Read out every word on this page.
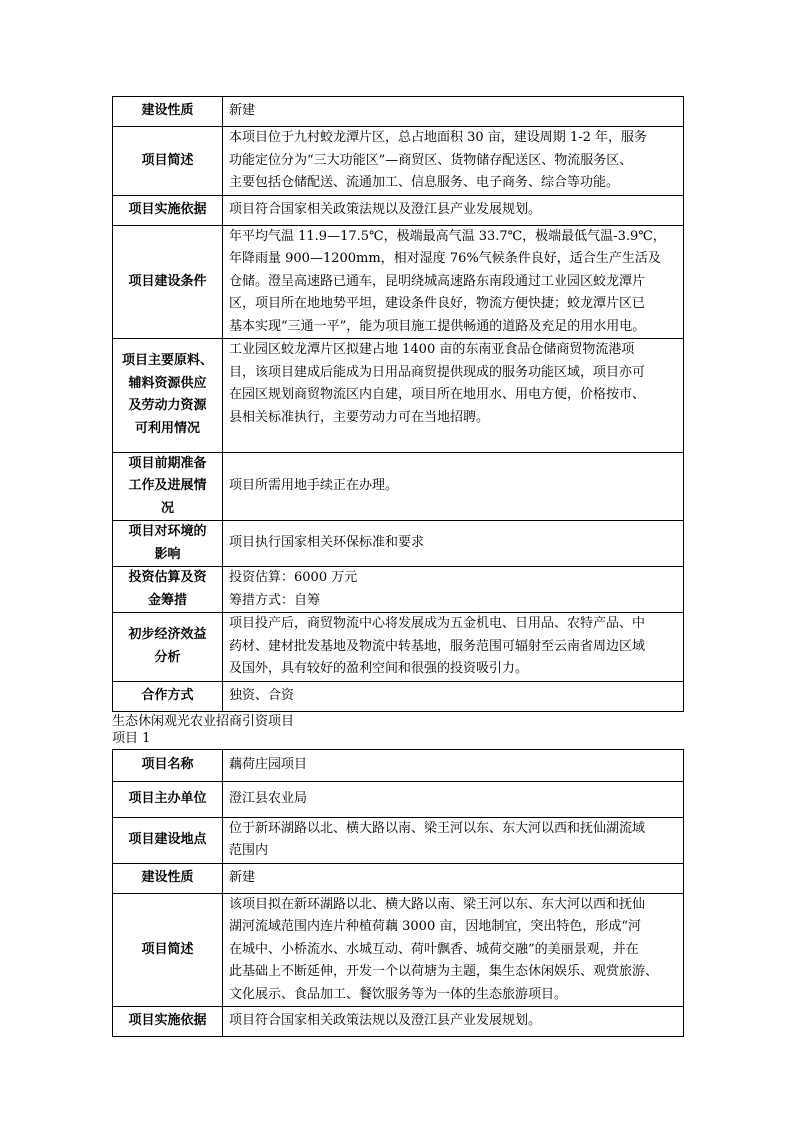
建设性质	新建

项目简述	本项目位于九村蛟龙潭片区，总占地面积 30 亩，建设周期 1-2 年，服务
功能定位分为“三大功能区”—商贸区、货物储存配送区、物流服务区、
主要包括仓储配送、流通加工、信息服务、电子商务、综合等功能。

项目实施依据	项目符合国家相关政策法规以及澄江县产业发展规划。

项目建设条件	年平均气温 11.9—17.5℃，极端最高气温 33.7℃，极端最低气温-3.9℃，
年降雨量 900—1200mm，相对湿度 76%气候条件良好，适合生产生活及
仓储。澄呈高速路已通车，昆明绕城高速路东南段通过工业园区蛟龙潭片
区，项目所在地地势平坦，建设条件良好，物流方便快捷；蛟龙潭片区已
基本实现“三通一平”，能为项目施工提供畅通的道路及充足的用水用电。

项目主要原料、
辅料资源供应
及劳动力资源
可利用情况	工业园区蛟龙潭片区拟建占地 1400 亩的东南亚食品仓储商贸物流港项
目，该项目建成后能成为日用品商贸提供现成的服务功能区域，项目亦可
在园区规划商贸物流区内自建，项目所在地用水、用电方便，价格按市、
县相关标准执行，主要劳动力可在当地招聘。

项目前期准备
工作及进展情
况	项目所需用地手续正在办理。

项目对环境的
影响	项目执行国家相关环保标准和要求

投资估算及资
金筹措	投资估算：6000 万元
筹措方式：自筹

初步经济效益
分析	项目投产后，商贸物流中心将发展成为五金机电、日用品、农特产品、中
药材、建材批发基地及物流中转基地，服务范围可辐射至云南省周边区域
及国外，具有较好的盈利空间和很强的投资吸引力。

合作方式	独资、合资
生态休闲观光农业招商引资项目
项目 1
项目名称	藕荷庄园项目

项目主办单位	澄江县农业局

项目建设地点	位于新环湖路以北、横大路以南、梁王河以东、东大河以西和抚仙湖流域
范围内

建设性质	新建

项目简述	该项目拟在新环湖路以北、横大路以南、梁王河以东、东大河以西和抚仙
湖河流域范围内连片种植荷藕 3000 亩，因地制宜，突出特色，形成“河
在城中、小桥流水、水城互动、荷叶飘香、城荷交融”的美丽景观，并在
此基础上不断延伸，开发一个以荷塘为主题，集生态休闲娱乐、观赏旅游、
文化展示、食品加工、餐饮服务等为一体的生态旅游项目。

项目实施依据	项目符合国家相关政策法规以及澄江县产业发展规划。
